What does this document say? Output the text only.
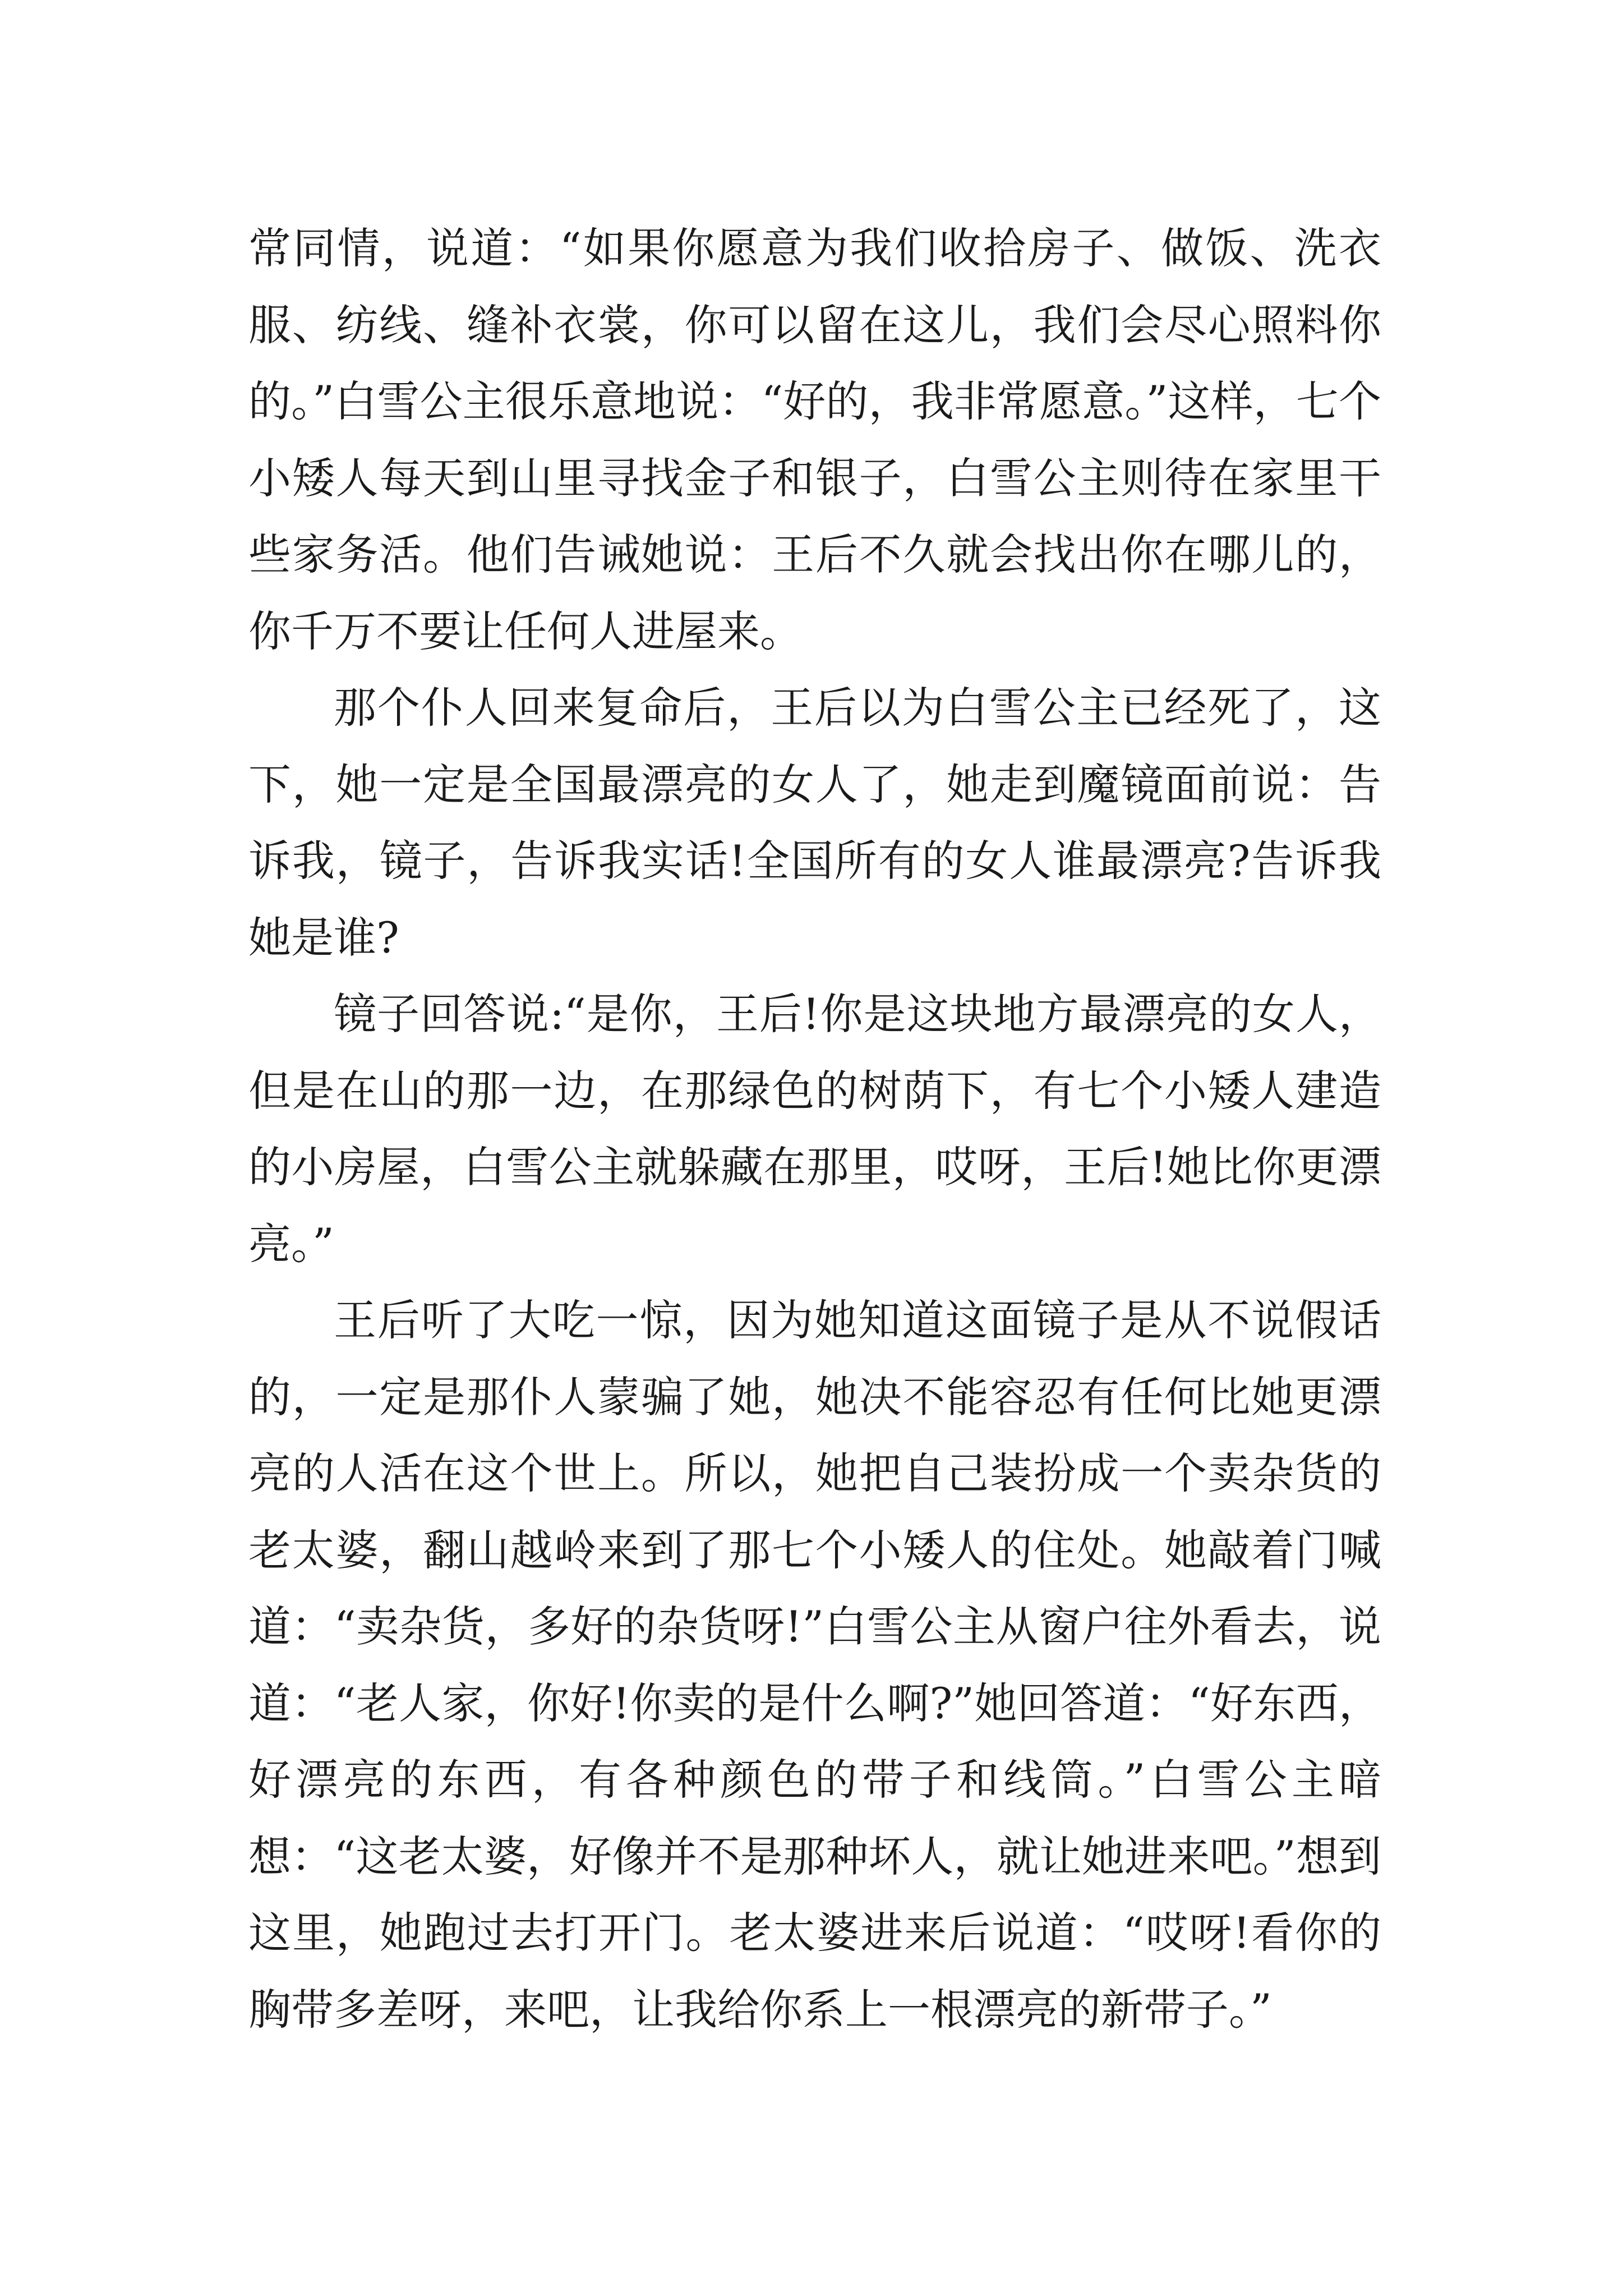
常同情，说道：“如果你愿意为我们收拾房子、做饭、洗衣服、纺线、缝补衣裳，你可以留在这儿，我们会尽心照料你的。”白雪公主很乐意地说：“好的，我非常愿意。”这样，七个小矮人每天到山里寻找金子和银子，白雪公主则待在家里干些家务活。他们告诫她说：王后不久就会找出你在哪儿的，你千万不要让任何人进屋来。

那个仆人回来复命后，王后以为白雪公主已经死了，这下，她一定是全国最漂亮的女人了，她走到魔镜面前说：告诉我，镜子，告诉我实话!全国所有的女人谁最漂亮?告诉我她是谁?

镜子回答说:“是你，王后!你是这块地方最漂亮的女人，但是在山的那一边，在那绿色的树荫下，有七个小矮人建造的小房屋，白雪公主就躲藏在那里，哎呀，王后!她比你更漂亮。”

王后听了大吃一惊，因为她知道这面镜子是从不说假话的，一定是那仆人蒙骗了她，她决不能容忍有任何比她更漂亮的人活在这个世上。所以，她把自己装扮成一个卖杂货的老太婆，翻山越岭来到了那七个小矮人的住处。她敲着门喊道：“卖杂货，多好的杂货呀!”白雪公主从窗户往外看去，说道：“老人家，你好!你卖的是什么啊?”她回答道：“好东西，好漂亮的东西，有各种颜色的带子和线筒。”白雪公主暗想：“这老太婆，好像并不是那种坏人，就让她进来吧。”想到这里，她跑过去打开门。老太婆进来后说道：“哎呀!看你的胸带多差呀，来吧，让我给你系上一根漂亮的新带子。”
